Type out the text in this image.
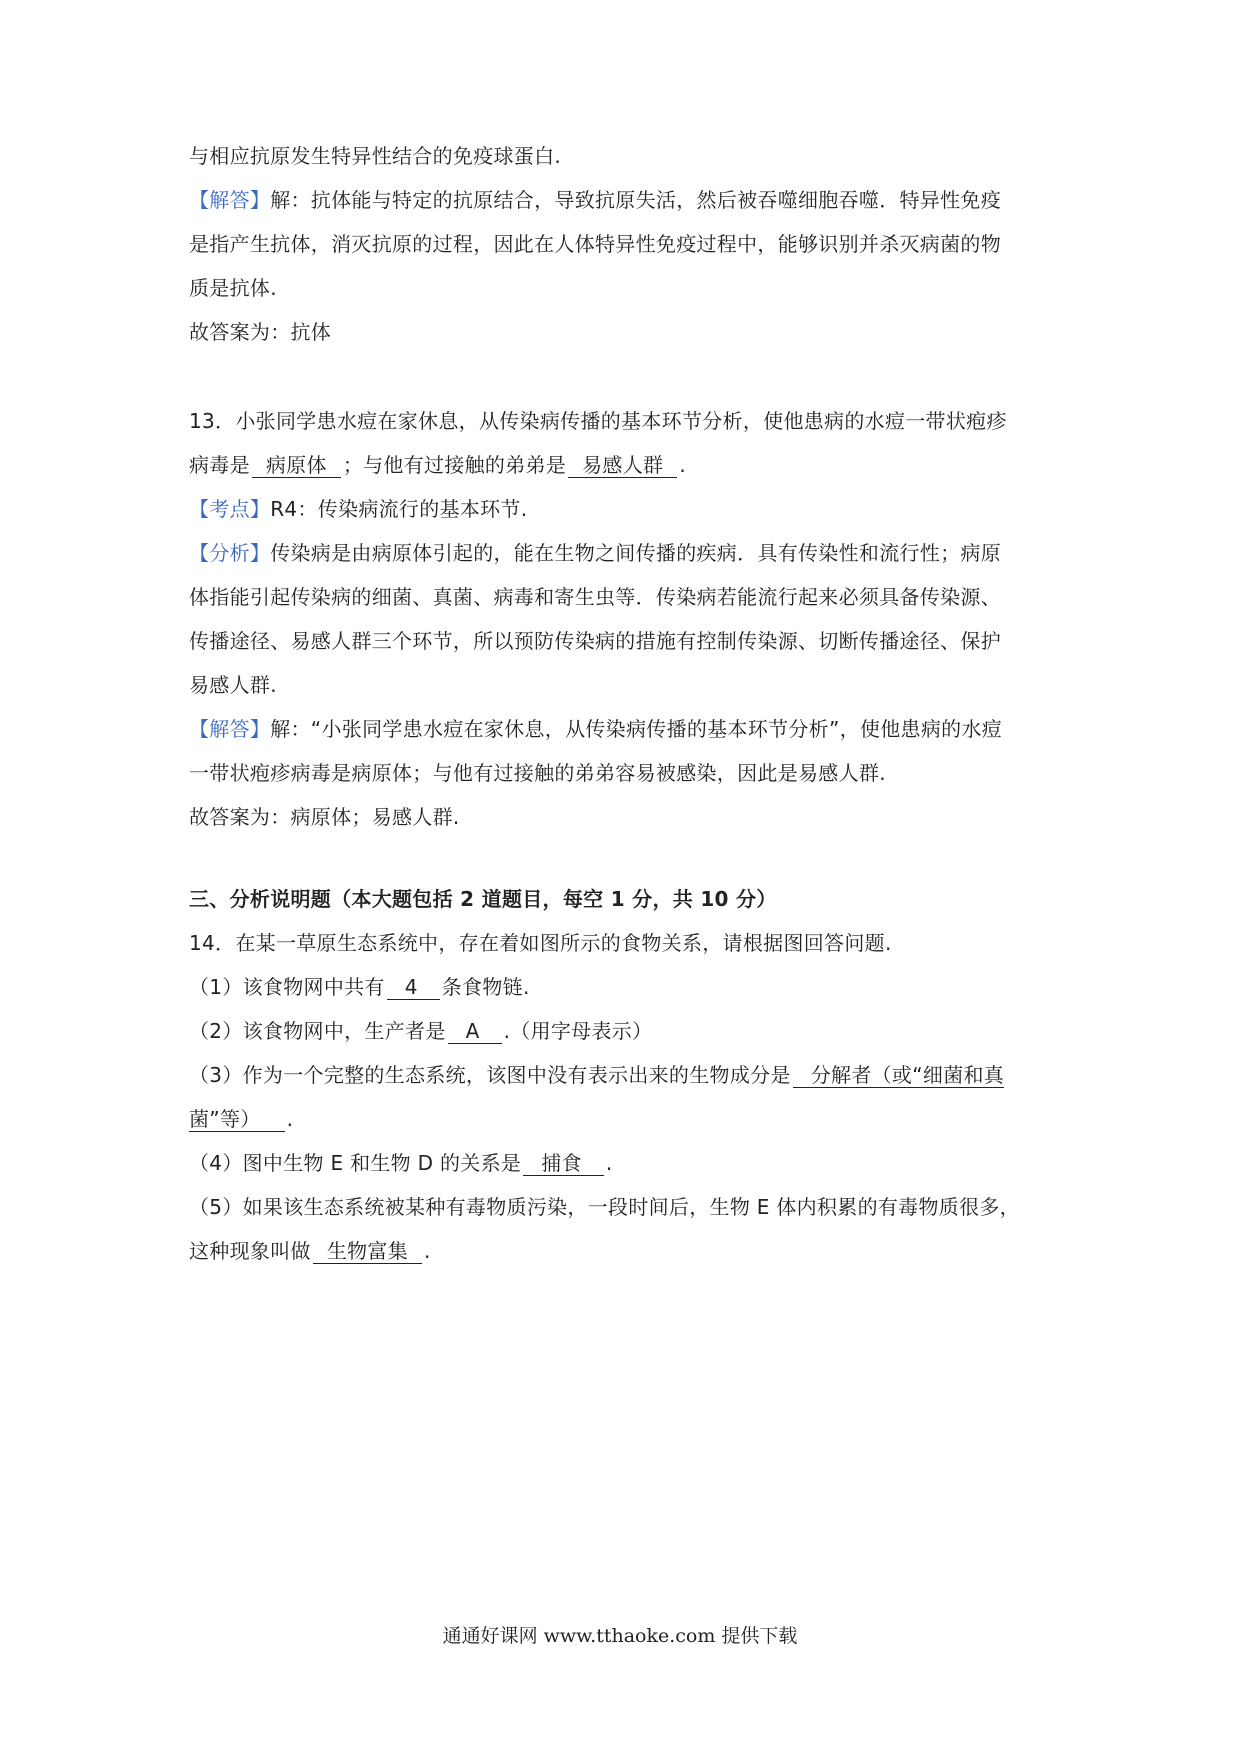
与相应抗原发生特异性结合的免疫球蛋白.
【解答】解：抗体能与特定的抗原结合，导致抗原失活，然后被吞噬细胞吞噬．特异性免疫
是指产生抗体，消灭抗原的过程，因此在人体特异性免疫过程中，能够识别并杀灭病菌的物
质是抗体.
故答案为：抗体
13．小张同学患水痘在家休息，从传染病传播的基本环节分析，使他患病的水痘一带状疱疹
病毒是 病原体 ；与他有过接触的弟弟是 易感人群 .
【考点】R4：传染病流行的基本环节.
【分析】传染病是由病原体引起的，能在生物之间传播的疾病．具有传染性和流行性；病原
体指能引起传染病的细菌、真菌、病毒和寄生虫等．传染病若能流行起来必须具备传染源、
传播途径、易感人群三个环节，所以预防传染病的措施有控制传染源、切断传播途径、保护
易感人群.
【解答】解：“小张同学患水痘在家休息，从传染病传播的基本环节分析”，使他患病的水痘
一带状疱疹病毒是病原体；与他有过接触的弟弟容易被感染，因此是易感人群.
故答案为：病原体；易感人群.
三、分析说明题（本大题包括 2 道题目，每空 1 分，共 10 分）
14．在某一草原生态系统中，存在着如图所示的食物关系，请根据图回答问题.
（1）该食物网中共有 4 条食物链.
（2）该食物网中，生产者是 A .（用字母表示）
（3）作为一个完整的生态系统，该图中没有表示出来的生物成分是 分解者（或“细菌和真
菌”等） .
（4）图中生物 E 和生物 D 的关系是 捕食 .
（5）如果该生态系统被某种有毒物质污染，一段时间后，生物 E 体内积累的有毒物质很多，
这种现象叫做 生物富集 .
通通好课网 www.tthaoke.com 提供下载
